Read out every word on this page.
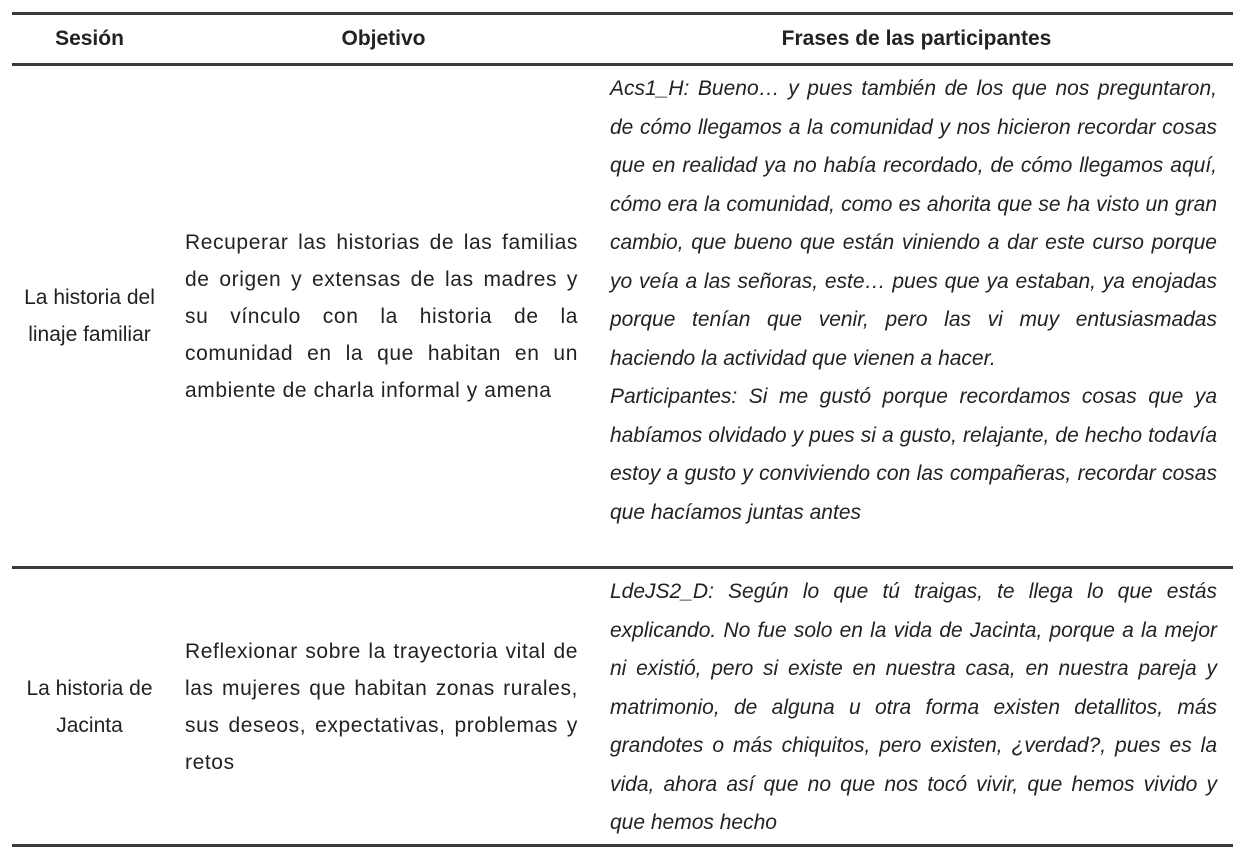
Sesión	Objetivo	Frases de las participantes
La historia del linaje familiar
Recuperar las historias de las familias de origen y extensas de las madres y su vínculo con la historia de la comunidad en la que habitan en un ambiente de charla informal y amena
Acs1_H: Bueno… y pues también de los que nos preguntaron, de cómo llegamos a la comunidad y nos hicieron recordar cosas que en realidad ya no había recordado, de cómo llegamos aquí, cómo era la comunidad, como es ahorita que se ha visto un gran cambio, que bueno que están viniendo a dar este curso porque yo veía a las señoras, este… pues que ya estaban, ya enojadas porque tenían que venir, pero las vi muy entusiasmadas haciendo la actividad que vienen a hacer.
Participantes: Si me gustó porque recordamos cosas que ya habíamos olvidado y pues si a gusto, relajante, de hecho todavía estoy a gusto y conviviendo con las compañeras, recordar cosas que hacíamos juntas antes
La historia de Jacinta
Reflexionar sobre la trayectoria vital de las mujeres que habitan zonas rurales, sus deseos, expectativas, problemas y retos
LdeJS2_D: Según lo que tú traigas, te llega lo que estás explicando. No fue solo en la vida de Jacinta, porque a la mejor ni existió, pero si existe en nuestra casa, en nuestra pareja y matrimonio, de alguna u otra forma existen detallitos, más grandotes o más chiquitos, pero existen, ¿verdad?, pues es la vida, ahora así que no que nos tocó vivir, que hemos vivido y que hemos hecho
